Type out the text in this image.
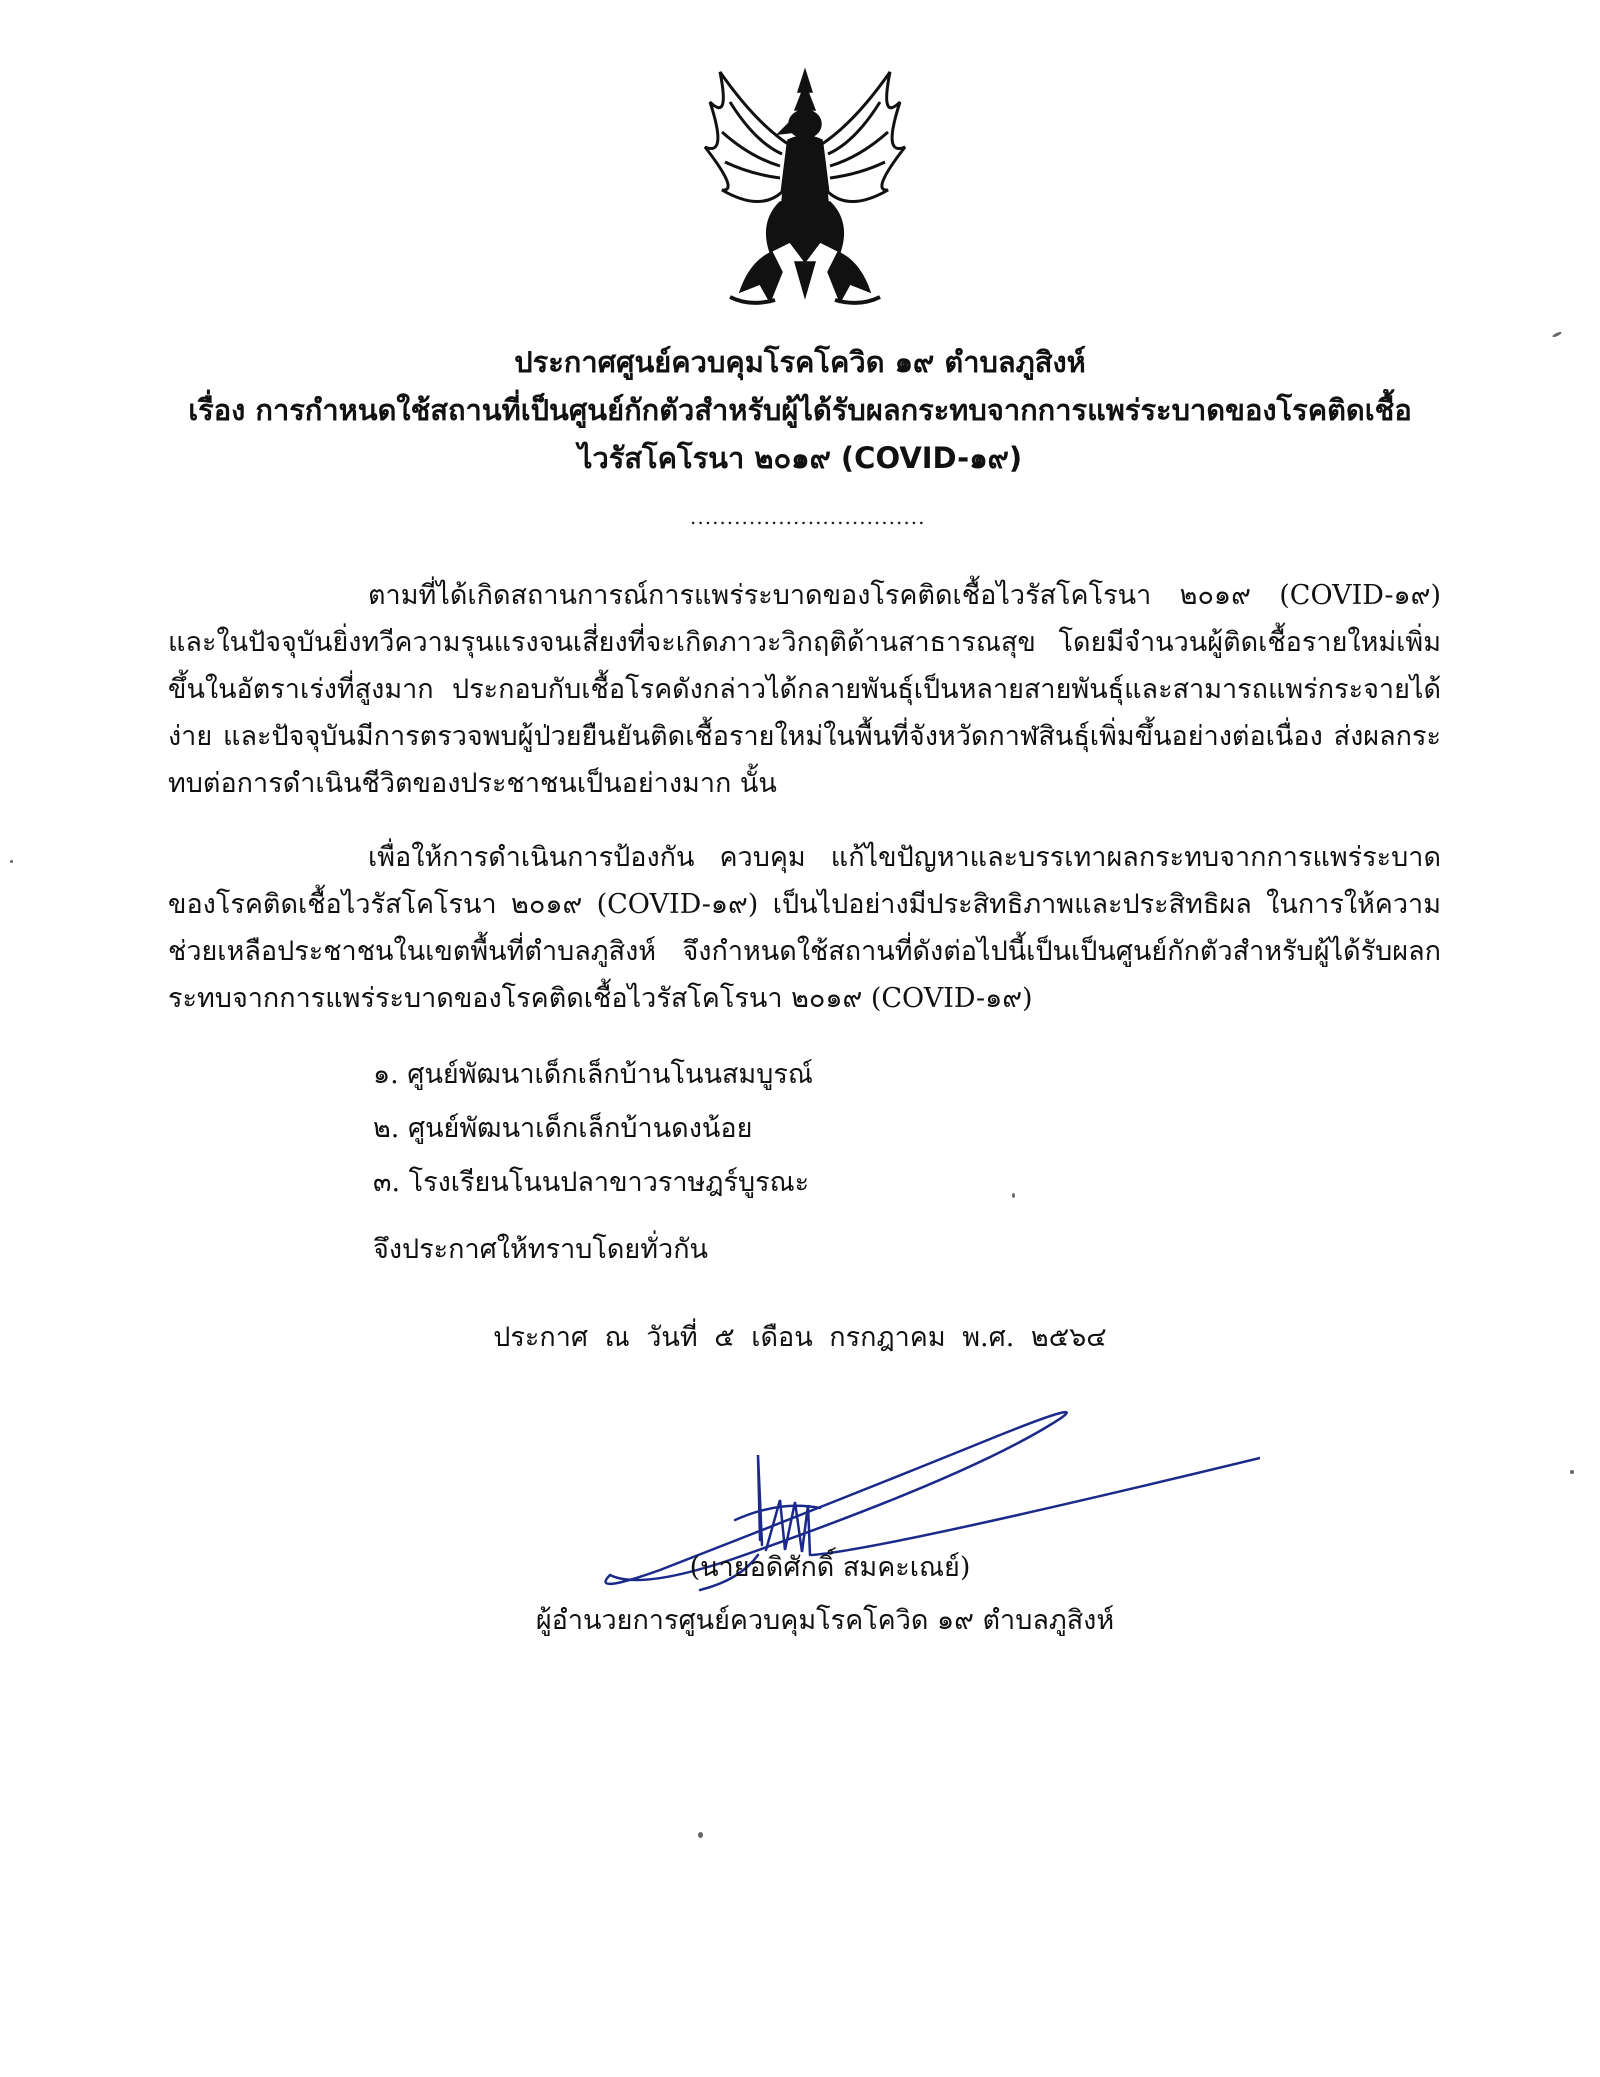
ประกาศศูนย์ควบคุมโรคโควิด ๑๙ ตำบลภูสิงห์
เรื่อง การกำหนดใช้สถานที่เป็นศูนย์กักตัวสำหรับผู้ได้รับผลกระทบจากการแพร่ระบาดของโรคติดเชื้อ
ไวรัสโคโรนา ๒๐๑๙ (COVID-๑๙)
................................

ตามที่ได้เกิดสถานการณ์การแพร่ระบาดของโรคติดเชื้อไวรัสโคโรนา ๒๐๑๙ (COVID-๑๙) และในปัจจุบันยิ่งทวีความรุนแรงจนเสี่ยงที่จะเกิดภาวะวิกฤติด้านสาธารณสุข โดยมีจำนวนผู้ติดเชื้อรายใหม่เพิ่มขึ้นในอัตราเร่งที่สูงมาก ประกอบกับเชื้อโรคดังกล่าวได้กลายพันธุ์เป็นหลายสายพันธุ์และสามารถแพร่กระจายได้ง่าย และปัจจุบันมีการตรวจพบผู้ป่วยยืนยันติดเชื้อรายใหม่ในพื้นที่จังหวัดกาฬสินธุ์เพิ่มขึ้นอย่างต่อเนื่อง ส่งผลกระทบต่อการดำเนินชีวิตของประชาชนเป็นอย่างมาก นั้น

เพื่อให้การดำเนินการป้องกัน ควบคุม แก้ไขปัญหาและบรรเทาผลกระทบจากการแพร่ระบาดของโรคติดเชื้อไวรัสโคโรนา ๒๐๑๙ (COVID-๑๙) เป็นไปอย่างมีประสิทธิภาพและประสิทธิผล ในการให้ความช่วยเหลือประชาชนในเขตพื้นที่ตำบลภูสิงห์ จึงกำหนดใช้สถานที่ดังต่อไปนี้เป็นเป็นศูนย์กักตัวสำหรับผู้ได้รับผลกระทบจากการแพร่ระบาดของโรคติดเชื้อไวรัสโคโรนา ๒๐๑๙ (COVID-๑๙)

๑. ศูนย์พัฒนาเด็กเล็กบ้านโนนสมบูรณ์
๒. ศูนย์พัฒนาเด็กเล็กบ้านดงน้อย
๓. โรงเรียนโนนปลาขาวราษฎร์บูรณะ
จึงประกาศให้ทราบโดยทั่วกัน
ประกาศ ณ วันที่ ๕ เดือน กรกฎาคม พ.ศ. ๒๕๖๔
(นายอดิศักดิ์ สมคะเณย์)
ผู้อำนวยการศูนย์ควบคุมโรคโควิด ๑๙ ตำบลภูสิงห์
